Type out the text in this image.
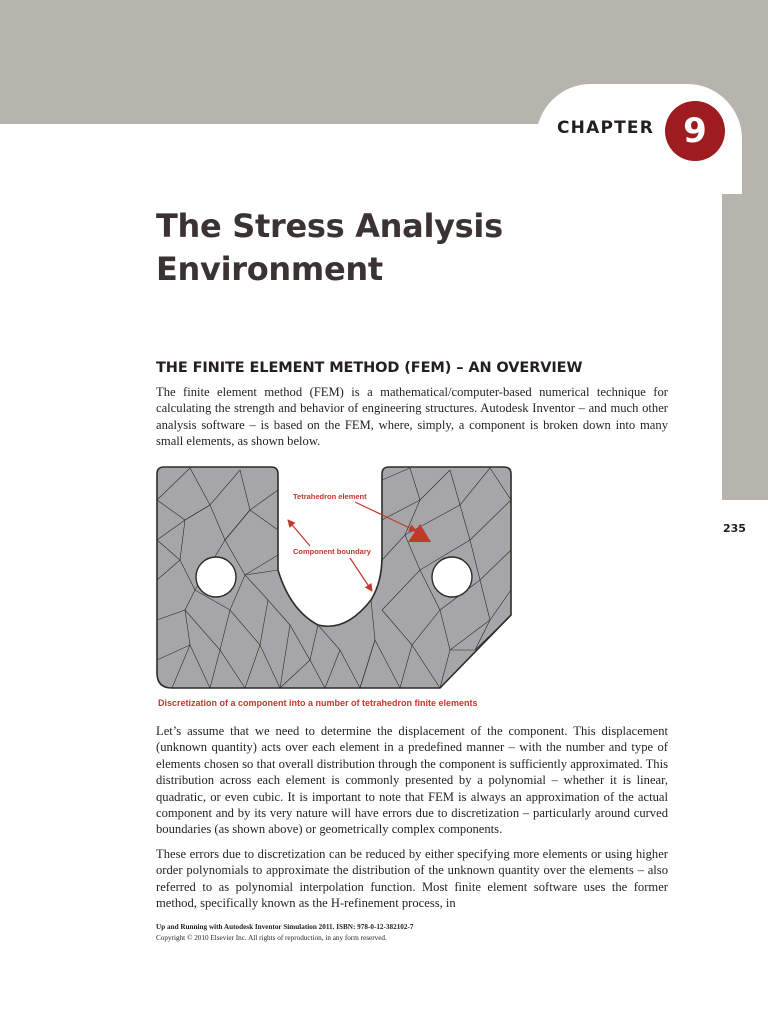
CHAPTER 9
235
The Stress Analysis
Environment
THE FINITE ELEMENT METHOD (FEM) – AN OVERVIEW

The finite element method (FEM) is a mathematical/computer-based numerical technique for calculating the strength and behavior of engineering structures. Autodesk Inventor – and much other analysis software – is based on the FEM, where, simply, a component is broken down into many small elements, as shown below.

Tetrahedron element
Component boundary
Discretization of a component into a number of tetrahedron finite elements

Let’s assume that we need to determine the displacement of the component. This displacement (unknown quantity) acts over each element in a predefined manner – with the number and type of elements chosen so that overall distribution through the component is sufficiently approximated. This distribution across each element is commonly presented by a polynomial – whether it is linear, quadratic, or even cubic. It is important to note that FEM is always an approximation of the actual component and by its very nature will have errors due to discretization – particularly around curved boundaries (as shown above) or geometrically complex components.

These errors due to discretization can be reduced by either specifying more elements or using higher order polynomials to approximate the distribution of the unknown quantity over the elements – also referred to as polynomial interpolation function. Most finite element software uses the former method, specifically known as the H-refinement process, in

Up and Running with Autodesk Inventor Simulation 2011. ISBN: 978-0-12-382102-7
Copyright © 2010 Elsevier Inc. All rights of reproduction, in any form reserved.
